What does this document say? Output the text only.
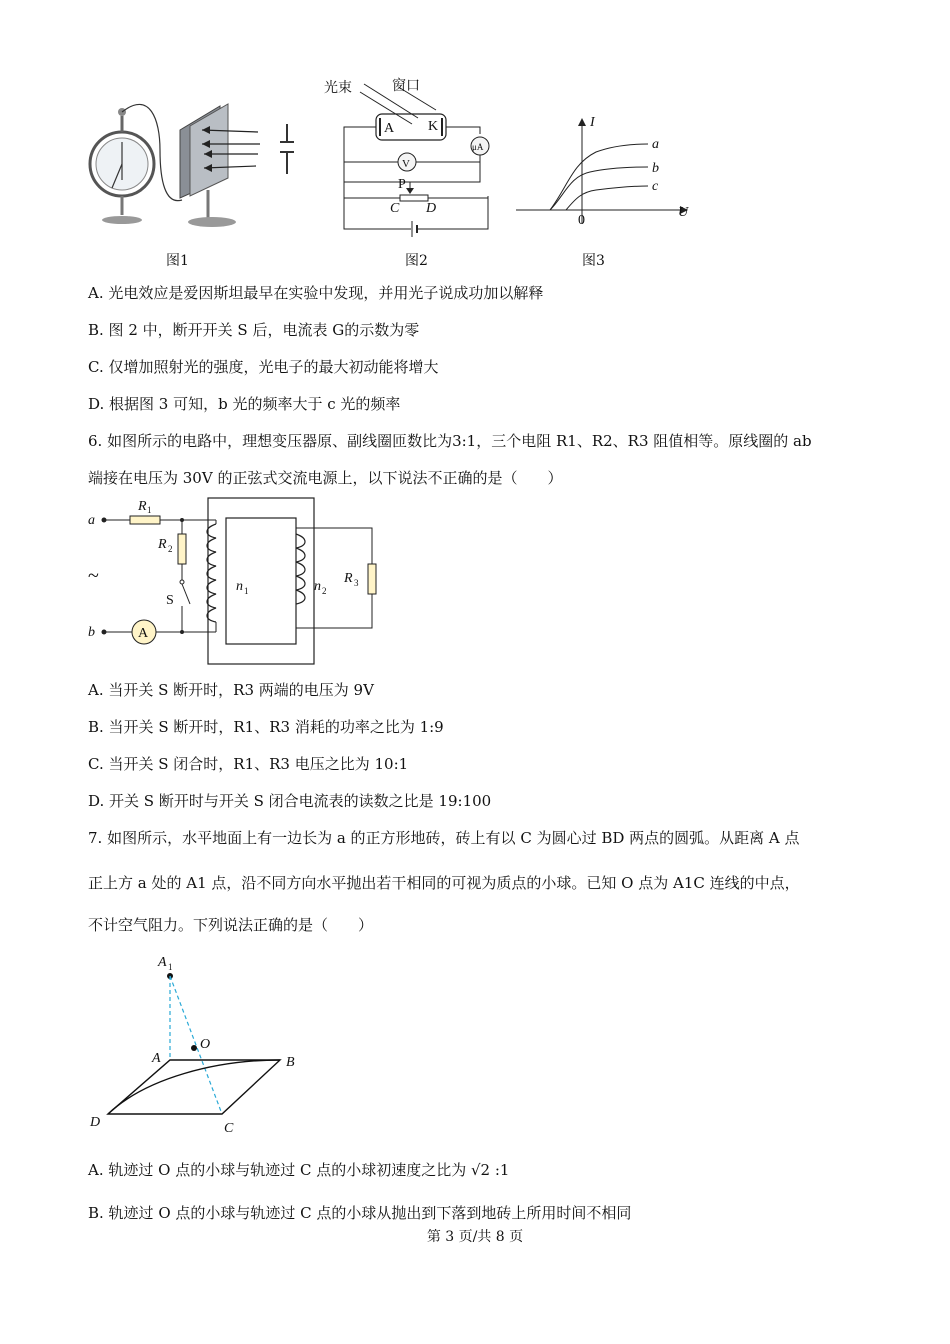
图1
光束	窗口
A K
μA
V
P
C D
图2
I
U
0
a
b
c
图3
A. 光电效应是爱因斯坦最早在实验中发现，并用光子说成功加以解释
B. 图 2 中，断开开关 S 后，电流表 G的示数为零
C. 仅增加照射光的强度，光电子的最大初动能将增大
D. 根据图 3 可知，b 光的频率大于 c 光的频率
6. 如图所示的电路中，理想变压器原、副线圈匝数比为3:1，三个电阻 R1、R2、R3 阻值相等。原线圈的 ab
端接在电压为 30V 的正弦式交流电源上，以下说法不正确的是（　　）
a
R 1
R 2
S
~
b	A
n 1	n 2
R 3
A. 当开关 S 断开时，R3 两端的电压为 9V
B. 当开关 S 断开时，R1、R3 消耗的功率之比为 1:9
C. 当开关 S 闭合时，R1、R3 电压之比为 10:1
D. 开关 S 断开时与开关 S 闭合电流表的读数之比是 19:100
7. 如图所示，水平地面上有一边长为 a 的正方形地砖，砖上有以 C 为圆心过 BD 两点的圆弧。从距离 A 点
正上方 a 处的 A1 点，沿不同方向水平抛出若干相同的可视为质点的小球。已知 O 点为 A1C 连线的中点，
不计空气阻力。下列说法正确的是（　　）
A 1
O
A	B
D	C
A. 轨迹过 O 点的小球与轨迹过 C 点的小球初速度之比为 √2 :1
B. 轨迹过 O 点的小球与轨迹过 C 点的小球从抛出到下落到地砖上所用时间不相同
第 3 页/共 8 页
